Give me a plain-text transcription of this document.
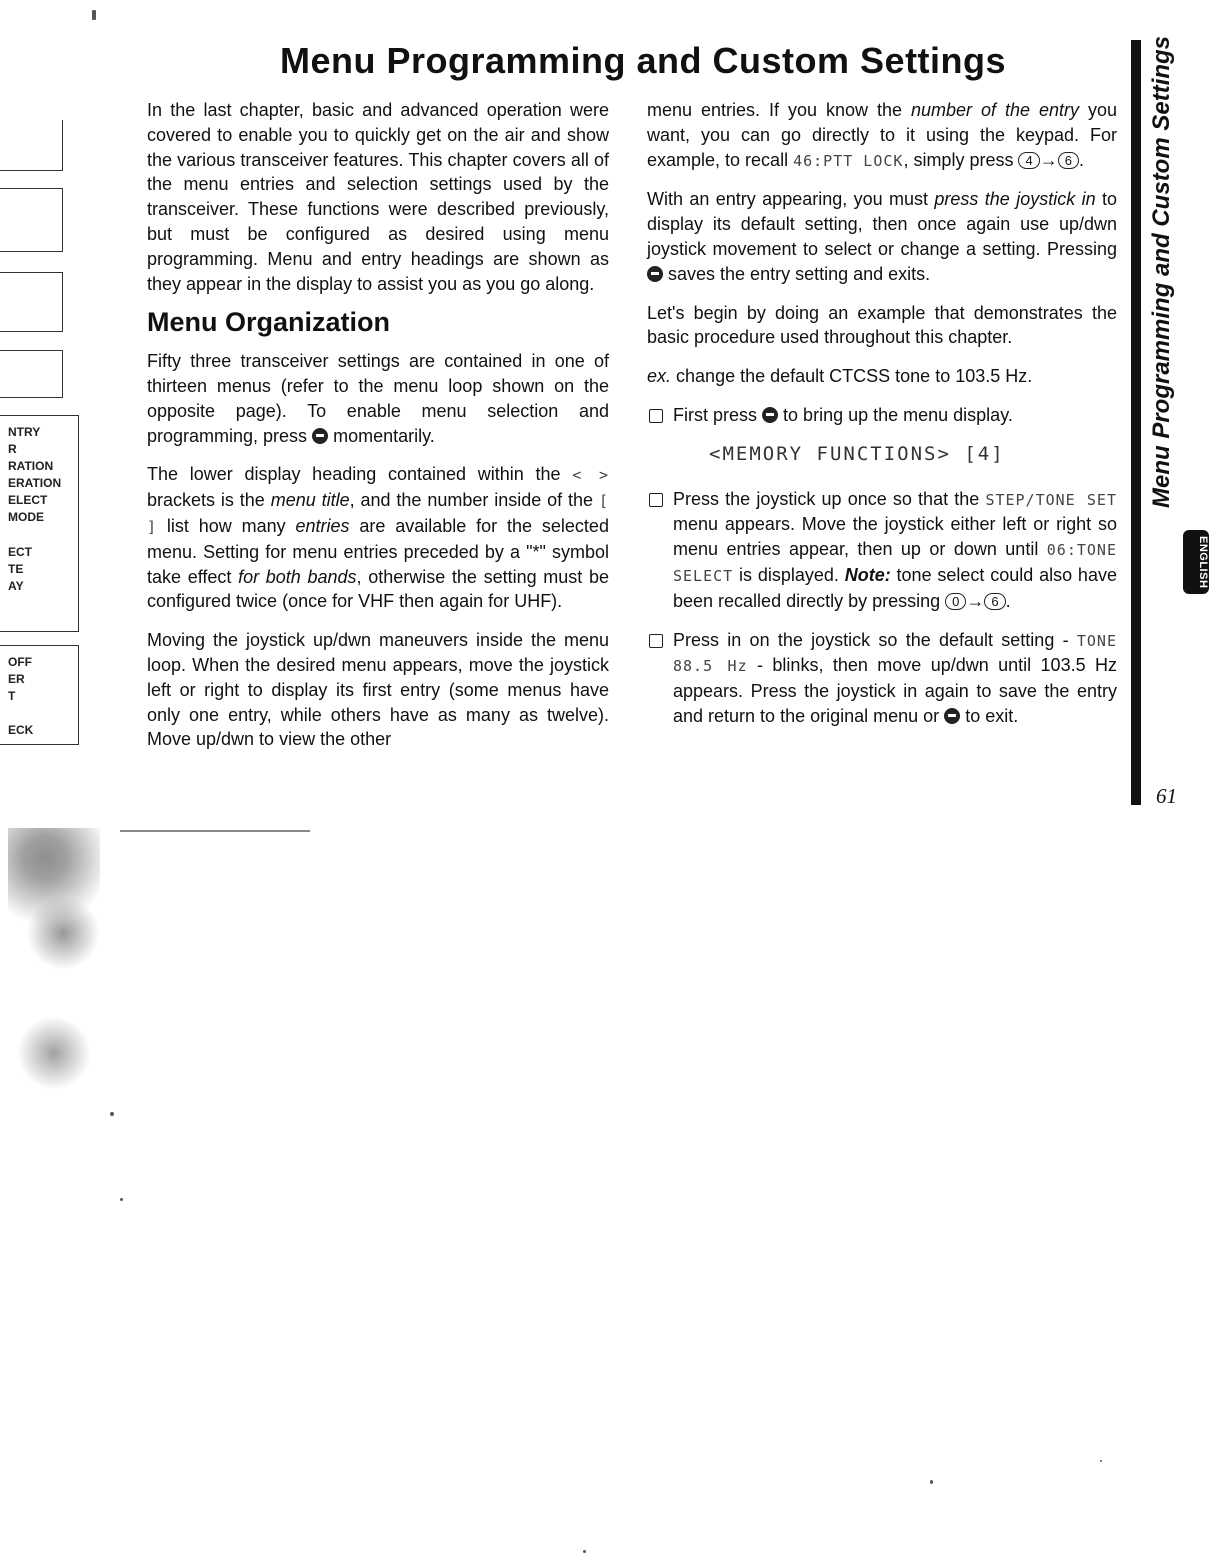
Menu Programming and Custom Settings

In the last chapter, basic and advanced operation were covered to enable you to quickly get on the air and show the various transceiver features. This chapter covers all of the menu entries and selection settings used by the transceiver. These functions were described previously, but must be configured as desired using menu programming. Menu and entry headings are shown as they appear in the display to assist you as you go along.

Menu Organization

Fifty three transceiver settings are contained in one of thirteen menus (refer to the menu loop shown on the opposite page). To enable menu selection and programming, press momentarily.

The lower display heading contained within the < > brackets is the menu title, and the number inside of the [ ] list how many entries are available for the selected menu. Setting for menu entries preceded by a "*" symbol take effect for both bands, otherwise the setting must be configured twice (once for VHF then again for UHF).

Moving the joystick up/dwn maneuvers inside the menu loop. When the desired menu appears, move the joystick left or right to display its first entry (some menus have only one entry, while others have as many as twelve). Move up/dwn to view the other

menu entries. If you know the number of the entry you want, you can go directly to it using the keypad. For example, to recall 46:PTT LOCK, simply press 4 → 6 .

With an entry appearing, you must press the joystick in to display its default setting, then once again use up/dwn joystick movement to select or change a setting. Pressing  saves the entry setting and exits.

Let's begin by doing an example that demonstrates the basic procedure used throughout this chapter.

ex. change the default CTCSS tone to 103.5 Hz.

First press to bring up the menu display.
<MEMORY FUNCTIONS> [4]
Press the joystick up once so that the STEP/TONE SET menu appears. Move the joystick either left or right so menu entries appear, then up or down until 06:TONE SELECT is displayed. Note: tone select could also have been recalled directly by pressing 0 → 6 .
Press in on the joystick so the default setting - TONE 88.5 Hz - blinks, then move up/dwn until 103.5 Hz appears. Press the joystick in again to save the entry and return to the original menu or to exit.
Menu Programming and Custom Settings
ENGLISH
61
NTRY
R
RATION
ERATION
ELECT
MODE
ECT
TE
AY
OFF
ER
T
ECK
